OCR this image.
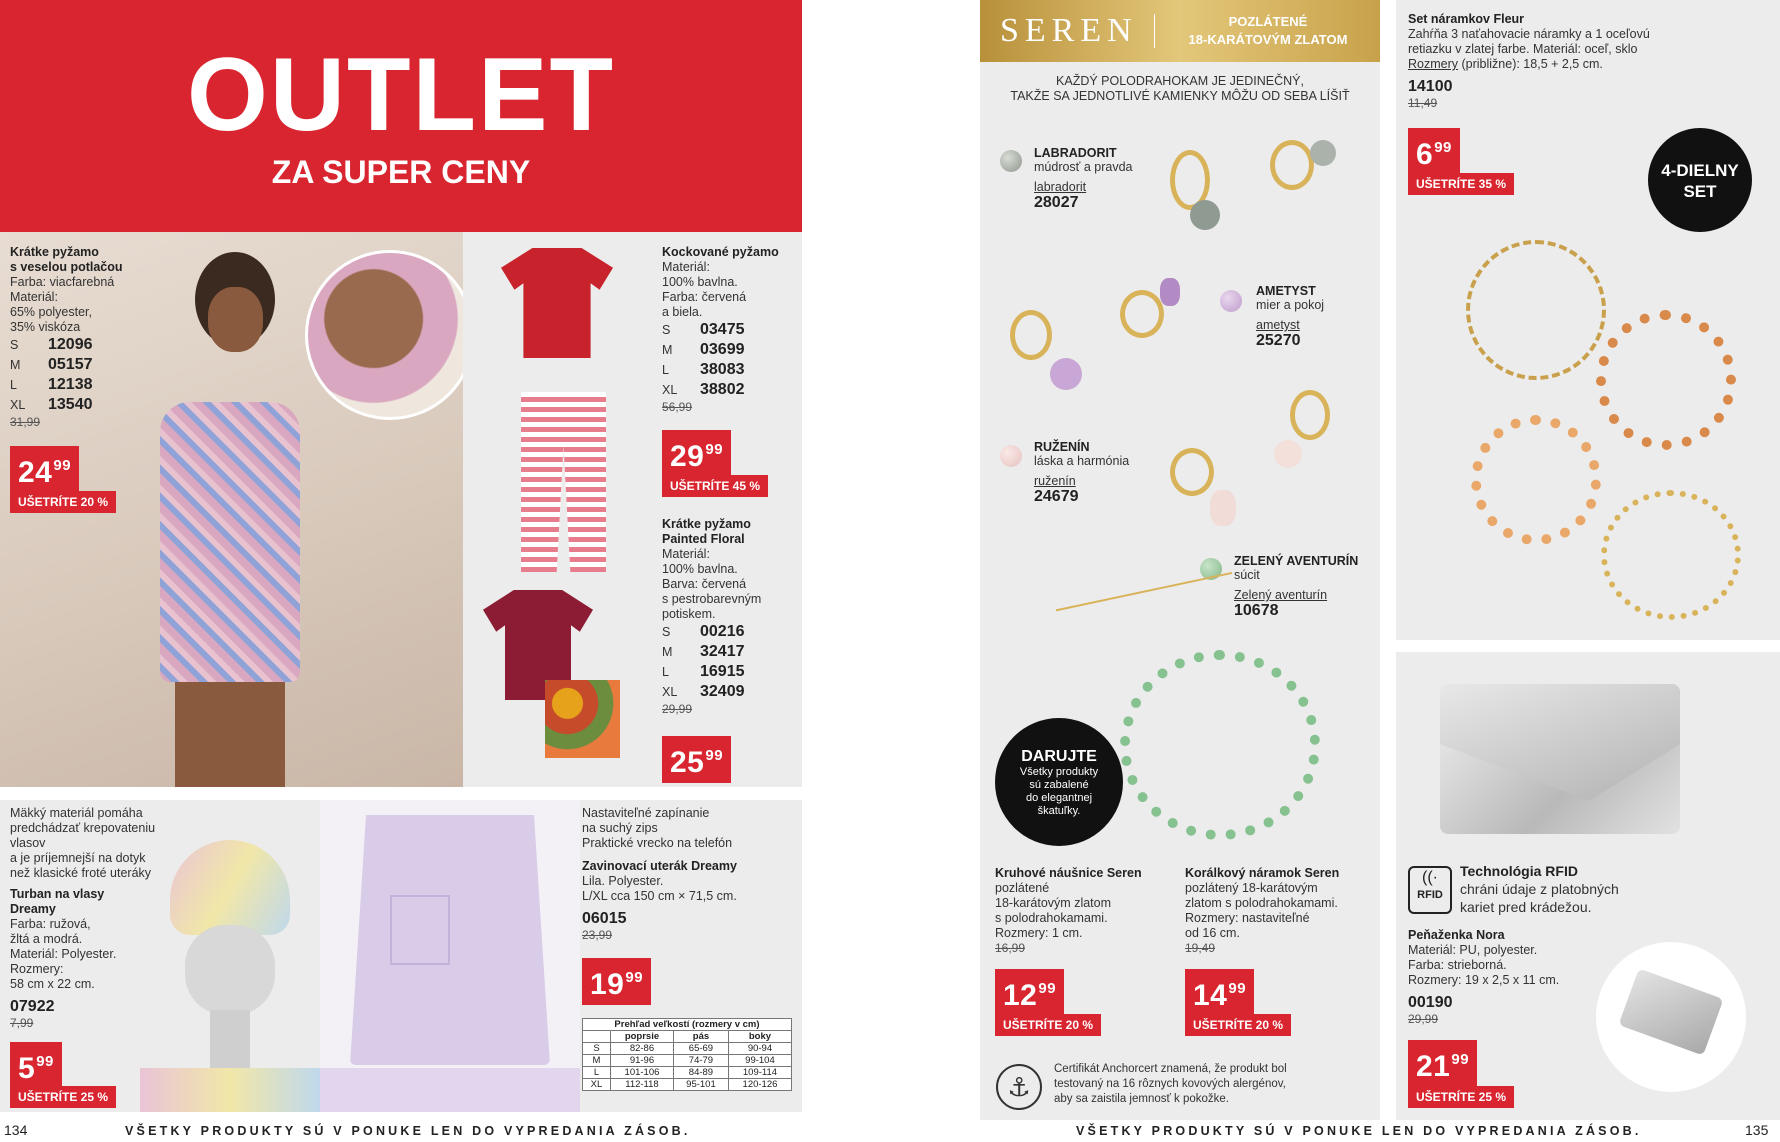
OUTLET
ZA SUPER CENY
Krátke pyžamo
s veselou potlačou
Farba: viacfarebná
Materiál:
65% polyester,
35% viskóza
S	12096
M	05157
L	12138
XL	13540
31,99
$24^{99}$
UŠETRÍTE 20 %
Kockované pyžamo
Materiál:
100% bavlna.
Farba: červená
a biela.
S	03475
M	03699
L	38083
XL	38802
56,99
$29^{99}$
UŠETRÍTE 45 %
Krátke pyžamo
Painted Floral
Materiál:
100% bavlna.
Barva: červená
s pestrobarevným
potiskem.
S	00216
M	32417
L	16915
XL	32409
29,99
$25^{99}$
Mäkký materiál pomáha
predchádzať krepovateniu vlasov
a je príjemnejší na dotyk
než klasické froté uteráky
Turban na vlasy
Dreamy
Farba: ružová,
žltá a modrá.
Materiál: Polyester.
Rozmery:
58 cm x 22 cm.
07922
7,99
$5^{99}$
UŠETRÍTE 25 %
Nastaviteľné zapínanie
na suchý zips
Praktické vrecko na telefón
Zavinovací uterák Dreamy
Lila. Polyester.
L/XL cca 150 cm × 71,5 cm.
06015
23,99
$19^{99}$
Prehľad veľkostí (rozmery v cm)			
	poprsie	pás	boky
S	82-86	65-69	90-94
M	91-96	74-79	99-104
L	101-106	84-89	109-114
XL	112-118	95-101	120-126
134	VŠETKY PRODUKTY SÚ V PONUKE LEN DO VYPREDANIA ZÁSOB.
SEREN	POZLÁTENÉ
18-KARÁTOVÝM ZLATOM
KAŽDÝ POLODRAHOKAM JE JEDINEČNÝ,
TAKŽE SA JEDNOTLIVÉ KAMIENKY MÔŽU OD SEBA LÍŠIŤ
LABRADORIT
múdrosť a pravda
labradorit
28027
AMETYST
mier a pokoj
ametyst
25270
RUŽENÍN
láska a harmónia
ruženín
24679
ZELENÝ AVENTURÍN
súcit
Zelený aventurín
10678
DARUJTE
Všetky produkty
sú zabalené
do elegantnej
škatuľky.
Kruhové náušnice Seren
pozlátené
18-karátovým zlatom
s polodrahokamami.
Rozmery: 1 cm.
16,99
$12^{99}$
UŠETRÍTE 20 %
Korálkový náramok Seren
pozlátený 18-karátovým
zlatom s polodrahokamami.
Rozmery: nastaviteľné
od 16 cm.
19,49
$14^{99}$
UŠETRÍTE 20 %
⚓
Certifikát Anchorcert znamená, že produkt bol
testovaný na 16 rôznych kovových alergénov,
aby sa zaistila jemnosť k pokožke.
Set náramkov Fleur
Zahŕňa 3 naťahovacie náramky a 1 oceľovú
retiazku v zlatej farbe. Materiál: oceľ, sklo
Rozmery (približne): 18,5 + 2,5 cm.
14100
11,49
$6^{99}$
UŠETRÍTE 35 %
4-DIELNY
SET
((·
RFID
Technológia RFID
chráni údaje z platobných
kariet pred krádežou.
Peňaženka Nora
Materiál: PU, polyester.
Farba: strieborná.
Rozmery: 19 x 2,5 x 11 cm.
00190
29,99
$21^{99}$
UŠETRÍTE 25 %
VŠETKY PRODUKTY SÚ V PONUKE LEN DO VYPREDANIA ZÁSOB.	135
